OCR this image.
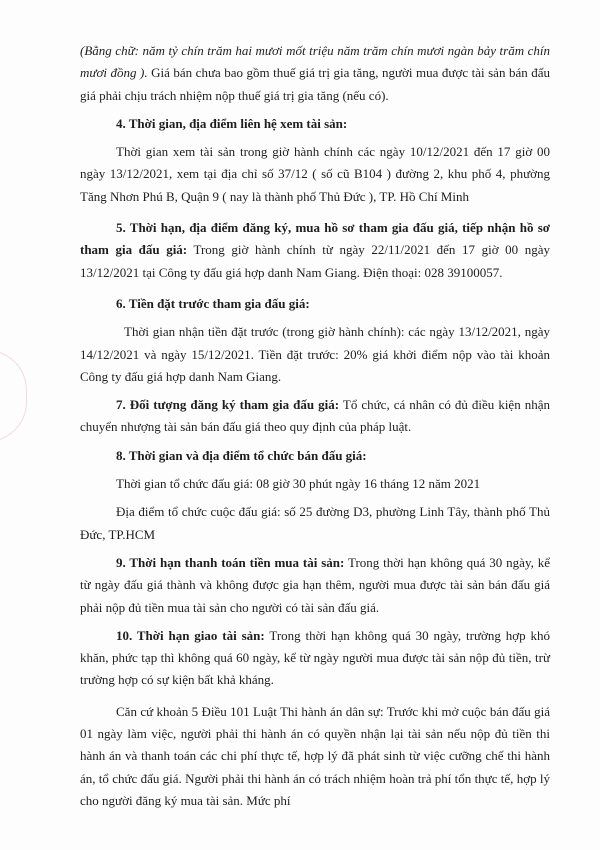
(Bằng chữ: năm tỷ chín trăm hai mươi mốt triệu năm trăm chín mươi ngàn bảy trăm chín mươi đồng ). Giá bán chưa bao gồm thuế giá trị gia tăng, người mua được tài sản bán đấu giá phải chịu trách nhiệm nộp thuế giá trị gia tăng (nếu có).

4. Thời gian, địa điểm liên hệ xem tài sản:

Thời gian xem tài sản trong giờ hành chính các ngày 10/12/2021 đến 17 giờ 00 ngày 13/12/2021, xem tại địa chỉ số 37/12 ( số cũ B104 ) đường 2, khu phố 4, phường Tăng Nhơn Phú B, Quận 9 ( nay là thành phố Thủ Đức ), TP. Hồ Chí Minh

5. Thời hạn, địa điểm đăng ký, mua hồ sơ tham gia đấu giá, tiếp nhận hồ sơ tham gia đấu giá: Trong giờ hành chính từ ngày 22/11/2021 đến 17 giờ 00 ngày 13/12/2021 tại Công ty đấu giá hợp danh Nam Giang. Điện thoại: 028 39100057.

6. Tiền đặt trước tham gia đấu giá:

Thời gian nhận tiền đặt trước (trong giờ hành chính): các ngày 13/12/2021, ngày 14/12/2021 và ngày 15/12/2021. Tiền đặt trước: 20% giá khởi điểm nộp vào tài khoản Công ty đấu giá hợp danh Nam Giang.

7. Đối tượng đăng ký tham gia đấu giá: Tổ chức, cá nhân có đủ điều kiện nhận chuyển nhượng tài sản bán đấu giá theo quy định của pháp luật.

8. Thời gian và địa điểm tổ chức bán đấu giá:

Thời gian tổ chức đấu giá: 08 giờ 30 phút ngày 16 tháng 12 năm 2021

Địa điểm tổ chức cuộc đấu giá: số 25 đường D3, phường Linh Tây, thành phố Thủ Đức, TP.HCM

9. Thời hạn thanh toán tiền mua tài sản: Trong thời hạn không quá 30 ngày, kể từ ngày đấu giá thành và không được gia hạn thêm, người mua được tài sản bán đấu giá phải nộp đủ tiền mua tài sản cho người có tài sản đấu giá.

10. Thời hạn giao tài sản: Trong thời hạn không quá 30 ngày, trường hợp khó khăn, phức tạp thì không quá 60 ngày, kể từ ngày người mua được tài sản nộp đủ tiền, trừ trường hợp có sự kiện bất khả kháng.

Căn cứ khoản 5 Điều 101 Luật Thi hành án dân sự: Trước khi mở cuộc bán đấu giá 01 ngày làm việc, người phải thi hành án có quyền nhận lại tài sản nếu nộp đủ tiền thi hành án và thanh toán các chi phí thực tế, hợp lý đã phát sinh từ việc cưỡng chế thi hành án, tổ chức đấu giá. Người phải thi hành án có trách nhiệm hoàn trả phí tổn thực tế, hợp lý cho người đăng ký mua tài sản. Mức phí
